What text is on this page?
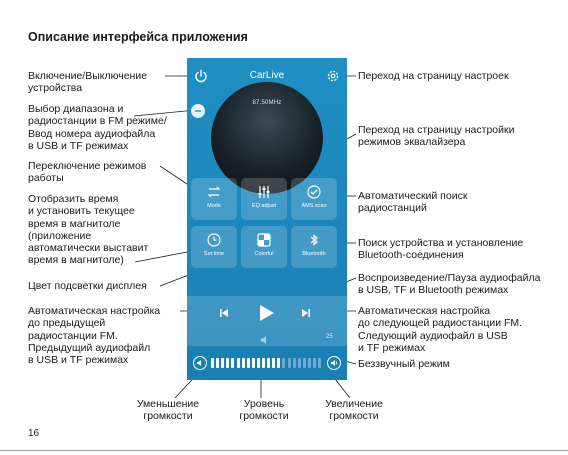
Описание интерфейса приложения
Включение/Выключение
устройства
Выбор диапазона и
радиостанции в FM режиме/
Ввод номера аудиофайла
в USB и TF режимах
Переключение режимов
работы
Отобразить время
и установить текущее
время в магнитоле
(приложение
автоматически выставит
время в магнитоле)
Цвет подсветки дисплея
Автоматическая настройка
до предыдущей
радиостанции FM.
Предыдущий аудиофайл
в USB и TF режимах
Переход на страницу настроек
Переход на страницу настройки
режимов эквалайзера
Автоматический поиск
радиостанций
Поиск устройства и установление
Bluetooth-соединения
Воспроизведение/Пауза аудиофайла
в USB, TF и Bluetooth режимах
Автоматическая настройка
до следующей радиостанции FM.
Следующий аудиофайл в USB
и TF режимах
Беззвучный режим
Уменьшение
громкости
Уровень
громкости
Увеличение
громкости
CarLive
87.50MHz
Mode	EQ adjust	AMS scan
Set time	Colorful	Bluetooth
25
16
